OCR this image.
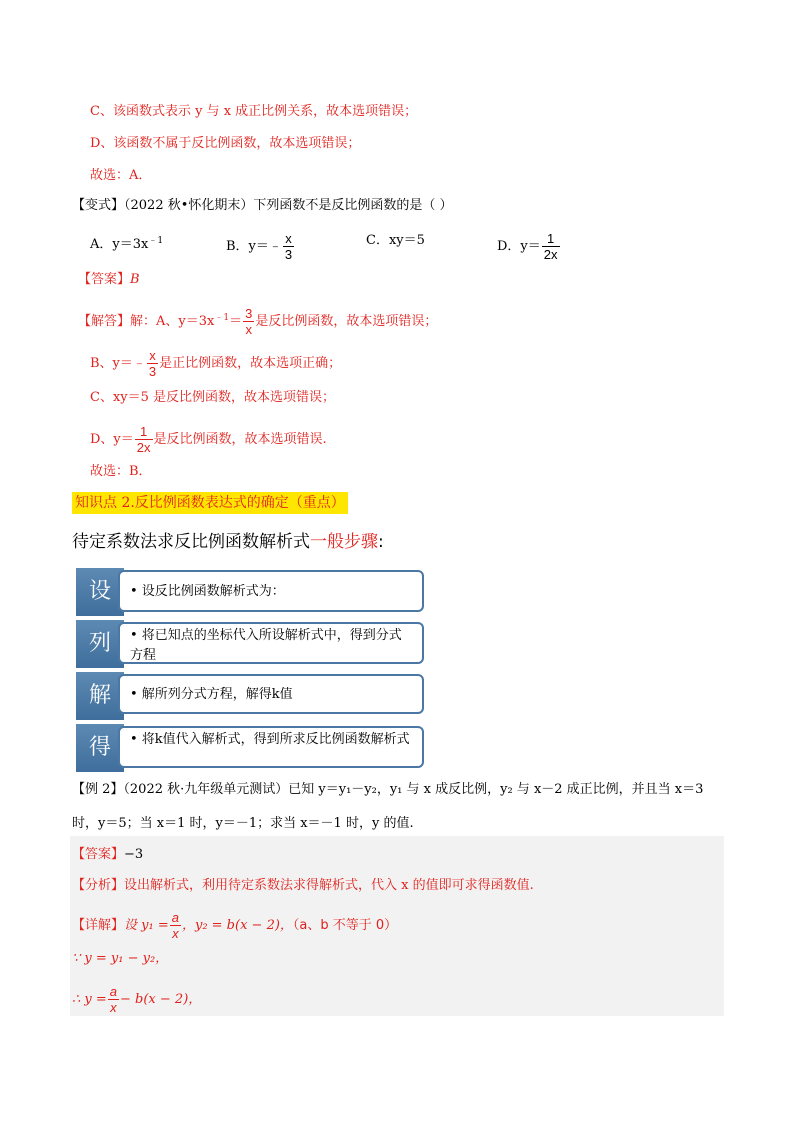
C、该函数式表示 y 与 x 成正比例关系，故本选项错误；
D、该函数不属于反比例函数，故本选项错误；
故选：A．
【变式】（2022 秋•怀化期末）下列函数不是反比例函数的是（ ）
A．$y=3x^{﹣1}$	B．y＝﹣ $\frac{x}{3}$	C．xy＝5	D．$y= \frac{1}{2x}$
【答案】B
【解答】解：A、$y=3x^{﹣1}= \frac{3}{x}$ 是反比例函数，故本选项错误；
B、y＝﹣ $\frac{x}{3}$ 是正比例函数，故本选项正确；
C、xy＝5 是反比例函数，故本选项错误；
D、$y= \frac{1}{2x}$ 是反比例函数，故本选项错误.
故选：B．
知识点 2.反比例函数表达式的确定（重点）
待定系数法求反比例函数解析式一般步骤:
设	• 设反比例函数解析式为：
列	• 将已知点的坐标代入所设解析式中，得到分式方程
解	• 解所列分式方程，解得k值
得	• 将k值代入解析式，得到所求反比例函数解析式
【例 2】（2022 秋·九年级单元测试）已知 y＝y₁－y₂，y₁ 与 x 成反比例，y₂ 与 x－2 成正比例，并且当 x＝3
时，y＝5；当 x＝1 时，y＝－1；求当 x＝－1 时，y 的值.
【答案】−3
【分析】设出解析式，利用待定系数法求得解析式，代入 x 的值即可求得函数值.
【详解】设 $y_1 = \frac{a}{x}$ ，y₂ = b(x − 2)，（a、b 不等于 0）
∵ y = y₁ − y₂，
∴ $y = \frac{a}{x} - b(x - 2)$，
